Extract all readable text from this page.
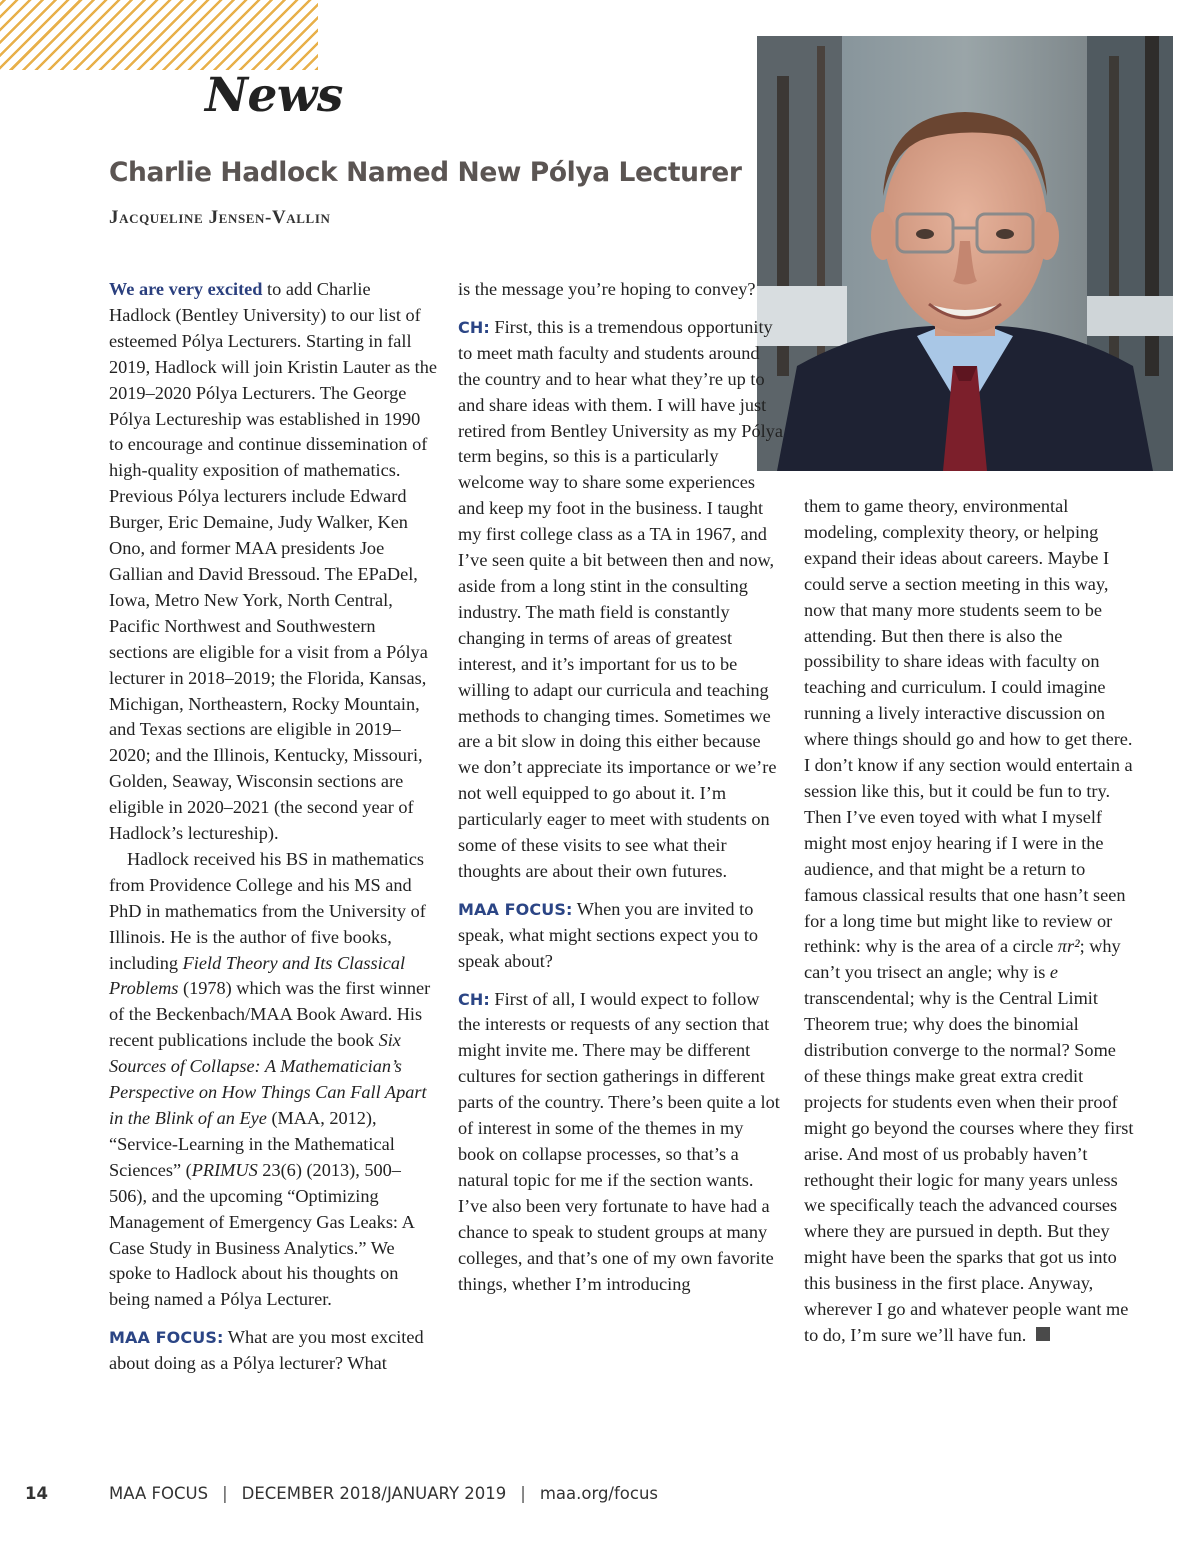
News
Charlie Hadlock Named New Pólya Lecturer
Jacqueline Jensen-Vallin

We are very excited to add Charlie Hadlock (Bentley University) to our list of esteemed Pólya Lecturers. Starting in fall 2019, Hadlock will join Kristin Lauter as the 2019–2020 Pólya Lecturers. The George Pólya Lectureship was established in 1990 to encourage and continue dissemination of high-quality exposition of mathematics. Previous Pólya lecturers include Edward Burger, Eric Demaine, Judy Walker, Ken Ono, and former MAA presidents Joe Gallian and David Bressoud. The EPaDel, Iowa, Metro New York, North Central, Pacific Northwest and Southwestern sections are eligible for a visit from a Pólya lecturer in 2018–2019; the Florida, Kansas, Michigan, Northeastern, Rocky Mountain, and Texas sections are eligible in 2019–2020; and the Illinois, Kentucky, Missouri, Golden, Seaway, Wisconsin sections are eligible in 2020–2021 (the second year of Hadlock’s lectureship).

Hadlock received his BS in mathematics from Providence College and his MS and PhD in mathematics from the University of Illinois. He is the author of five books, including Field Theory and Its Classical Problems (1978) which was the first winner of the Beckenbach/MAA Book Award. His recent publications include the book Six Sources of Collapse: A Mathematician’s Perspective on How Things Can Fall Apart in the Blink of an Eye (MAA, 2012), “Service-Learning in the Mathematical Sciences” (PRIMUS 23(6) (2013), 500–506), and the upcoming “Optimizing Management of Emergency Gas Leaks: A Case Study in Business Analytics.” We spoke to Hadlock about his thoughts on being named a Pólya Lecturer.

MAA FOCUS: What are you most excited about doing as a Pólya lecturer? What

is the message you’re hoping to convey?

CH: First, this is a tremendous opportunity to meet math faculty and students around the country and to hear what they’re up to and share ideas with them. I will have just retired from Bentley University as my Pólya term begins, so this is a particularly welcome way to share some experiences and keep my foot in the business. I taught my first college class as a TA in 1967, and I’ve seen quite a bit between then and now, aside from a long stint in the consulting industry. The math field is constantly changing in terms of areas of greatest interest, and it’s important for us to be willing to adapt our curricula and teaching methods to changing times. Sometimes we are a bit slow in doing this either because we don’t appreciate its importance or we’re not well equipped to go about it. I’m particularly eager to meet with students on some of these visits to see what their thoughts are about their own futures.

MAA FOCUS: When you are invited to speak, what might sections expect you to speak about?

CH: First of all, I would expect to follow the interests or requests of any section that might invite me. There may be different cultures for section gatherings in different parts of the country. There’s been quite a lot of interest in some of the themes in my book on collapse processes, so that’s a natural topic for me if the section wants. I’ve also been very fortunate to have had a chance to speak to student groups at many colleges, and that’s one of my own favorite things, whether I’m introducing

them to game theory, environmental modeling, complexity theory, or helping expand their ideas about careers. Maybe I could serve a section meeting in this way, now that many more students seem to be attending. But then there is also the possibility to share ideas with faculty on teaching and curriculum. I could imagine running a lively interactive discussion on where things should go and how to get there. I don’t know if any section would entertain a session like this, but it could be fun to try. Then I’ve even toyed with what I myself might most enjoy hearing if I were in the audience, and that might be a return to famous classical results that one hasn’t seen for a long time but might like to review or rethink: why is the area of a circle πr²; why can’t you trisect an angle; why is e transcendental; why is the Central Limit Theorem true; why does the binomial distribution converge to the normal? Some of these things make great extra credit projects for students even when their proof might go beyond the courses where they first arise. And most of us probably haven’t rethought their logic for many years unless we specifically teach the advanced courses where they are pursued in depth. But they might have been the sparks that got us into this business in the first place. Anyway, wherever I go and whatever people want me to do, I’m sure we’ll have fun.

14	MAA FOCUS | DECEMBER 2018/JANUARY 2019 | maa.org/focus
